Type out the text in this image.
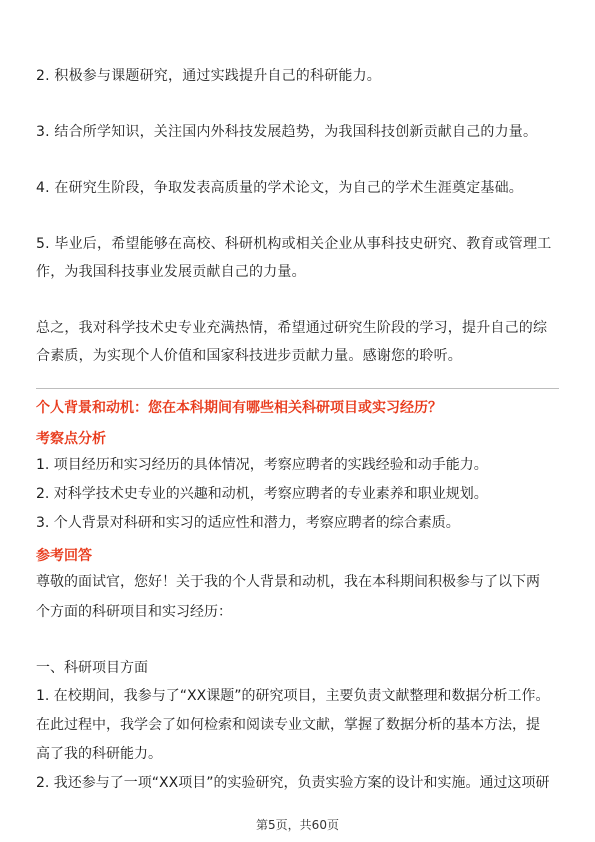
2. 积极参与课题研究，通过实践提升自己的科研能力。

3. 结合所学知识，关注国内外科技发展趋势，为我国科技创新贡献自己的力量。

4. 在研究生阶段，争取发表高质量的学术论文，为自己的学术生涯奠定基础。

5. 毕业后，希望能够在高校、科研机构或相关企业从事科技史研究、教育或管理工作，为我国科技事业发展贡献自己的力量。

总之，我对科学技术史专业充满热情，希望通过研究生阶段的学习，提升自己的综合素质，为实现个人价值和国家科技进步贡献力量。感谢您的聆听。

个人背景和动机：您在本科期间有哪些相关科研项目或实习经历？
考察点分析
1. 项目经历和实习经历的具体情况，考察应聘者的实践经验和动手能力。
2. 对科学技术史专业的兴趣和动机，考察应聘者的专业素养和职业规划。
3. 个人背景对科研和实习的适应性和潜力，考察应聘者的综合素质。
参考回答
尊敬的面试官，您好！关于我的个人背景和动机，我在本科期间积极参与了以下两
个方面的科研项目和实习经历：
一、科研项目方面
1. 在校期间，我参与了“XX课题”的研究项目，主要负责文献整理和数据分析工作。
在此过程中，我学会了如何检索和阅读专业文献，掌握了数据分析的基本方法，提
高了我的科研能力。
2. 我还参与了一项“XX项目”的实验研究，负责实验方案的设计和实施。通过这项研
第5页，共60页
